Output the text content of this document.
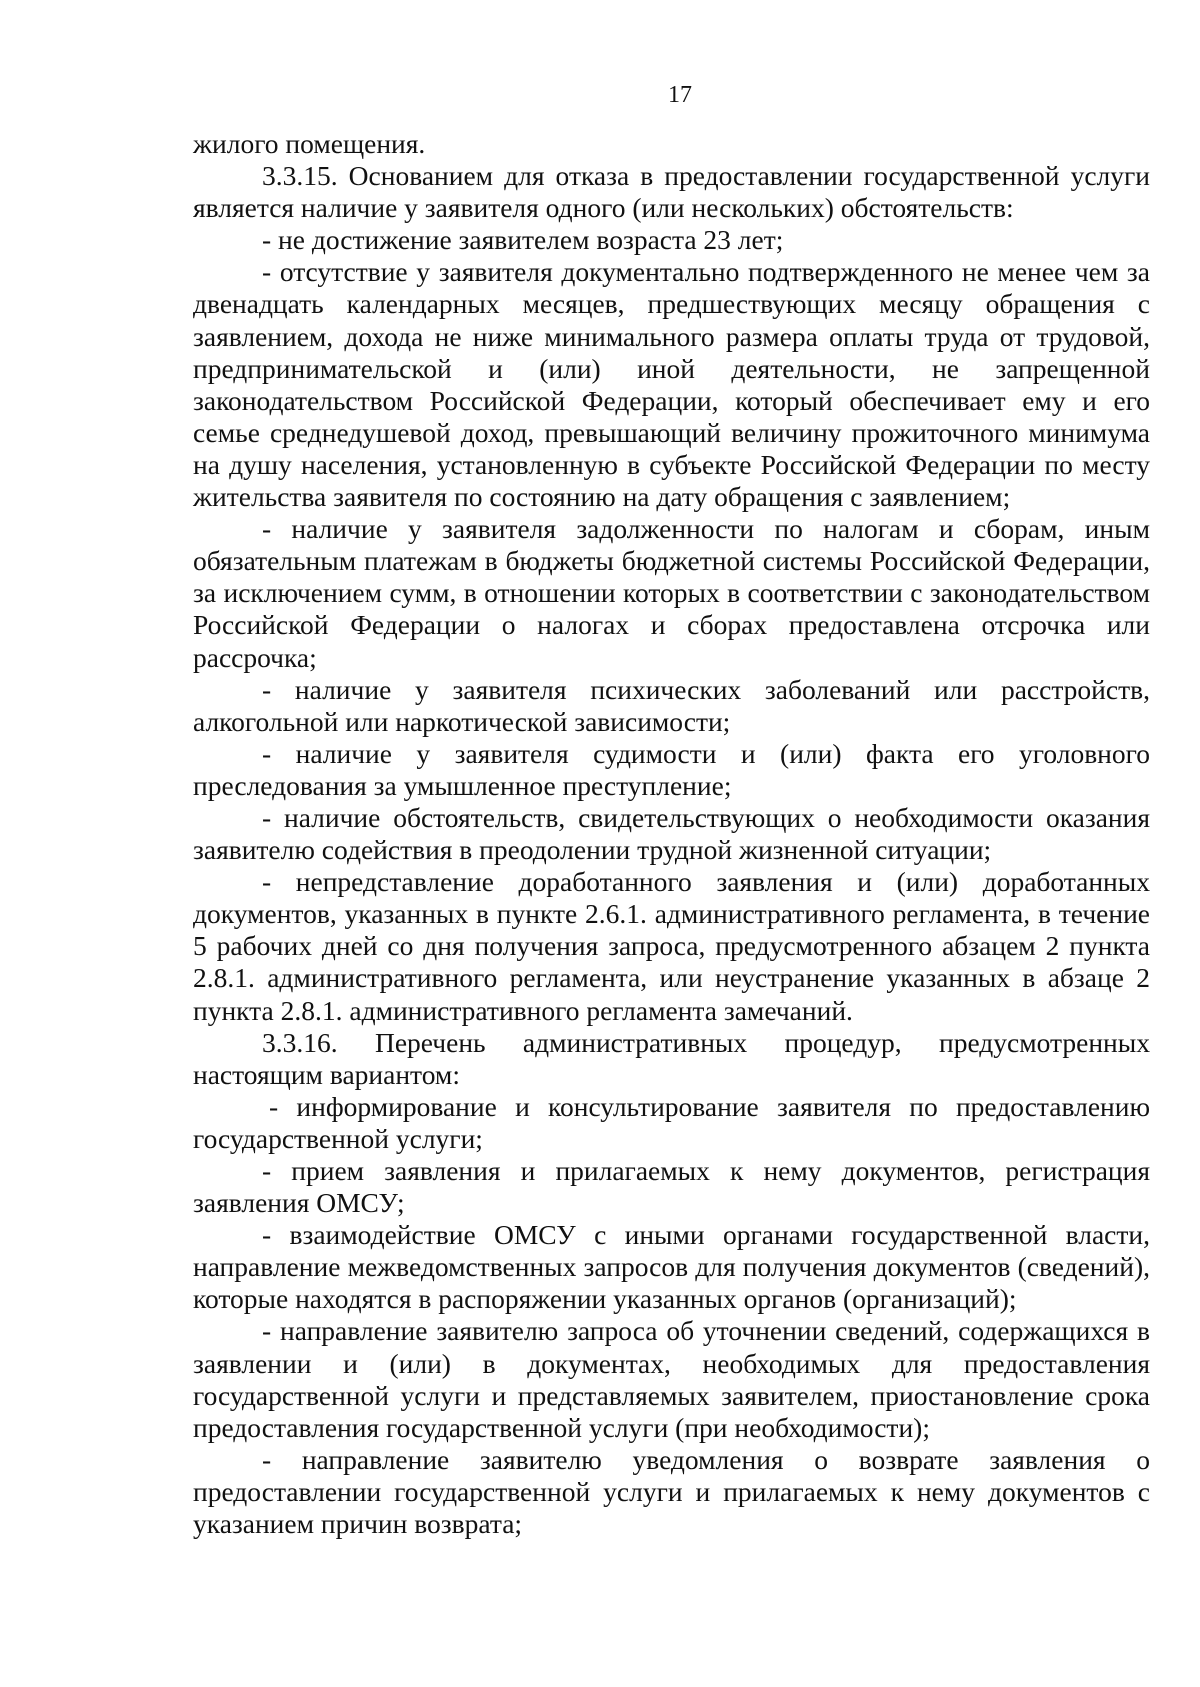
17

жилого помещения.

3.3.15. Основанием для отказа в предоставлении государственной услуги является наличие у заявителя одного (или нескольких) обстоятельств:

- не достижение заявителем возраста 23 лет;

- отсутствие у заявителя документально подтвержденного не менее чем за двенадцать календарных месяцев, предшествующих месяцу обращения с заявлением, дохода не ниже минимального размера оплаты труда от трудовой, предпринимательской и (или) иной деятельности, не запрещенной законодательством Российской Федерации, который обеспечивает ему и его семье среднедушевой доход, превышающий величину прожиточного минимума на душу населения, установленную в субъекте Российской Федерации по месту жительства заявителя по состоянию на дату обращения с заявлением;

- наличие у заявителя задолженности по налогам и сборам, иным обязательным платежам в бюджеты бюджетной системы Российской Федерации, за исключением сумм, в отношении которых в соответствии с законодательством Российской Федерации о налогах и сборах предоставлена отсрочка или рассрочка;

- наличие у заявителя психических заболеваний или расстройств, алкогольной или наркотической зависимости;

- наличие у заявителя судимости и (или) факта его уголовного преследования за умышленное преступление;

- наличие обстоятельств, свидетельствующих о необходимости оказания заявителю содействия в преодолении трудной жизненной ситуации;

- непредставление доработанного заявления и (или) доработанных документов, указанных в пункте 2.6.1. административного регламента, в течение 5 рабочих дней со дня получения запроса, предусмотренного абзацем 2 пункта 2.8.1. административного регламента, или неустранение указанных в абзаце 2 пункта 2.8.1. административного регламента замечаний.

3.3.16. Перечень административных процедур, предусмотренных настоящим вариантом:

- информирование и консультирование заявителя по предоставлению государственной услуги;

- прием заявления и прилагаемых к нему документов, регистрация заявления ОМСУ;

- взаимодействие ОМСУ с иными органами государственной власти, направление межведомственных запросов для получения документов (сведений), которые находятся в распоряжении указанных органов (организаций);

- направление заявителю запроса об уточнении сведений, содержащихся в заявлении и (или) в документах, необходимых для предоставления государственной услуги и представляемых заявителем, приостановление срока предоставления государственной услуги (при необходимости);

- направление заявителю уведомления о возврате заявления о предоставлении государственной услуги и прилагаемых к нему документов с указанием причин возврата;
